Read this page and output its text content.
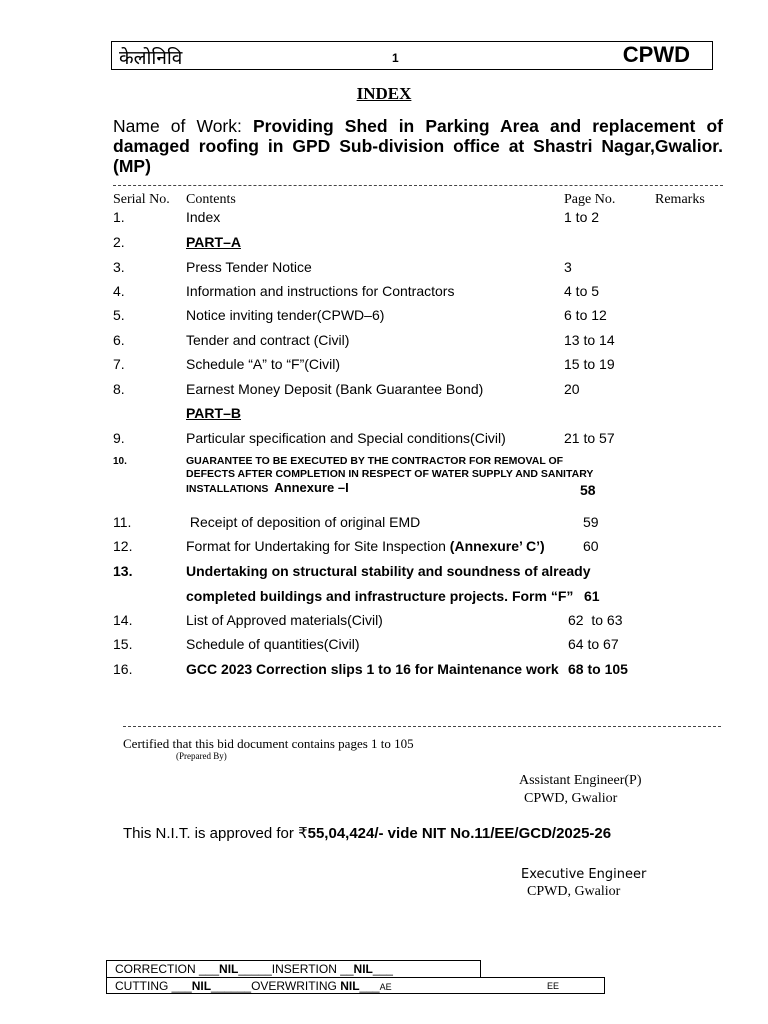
केलोनिवि	1	CPWD
INDEX
Name of Work: Providing Shed in Parking Area and replacement of damaged roofing in GPD Sub-division office at Shastri Nagar,Gwalior. (MP)
Serial No. Contents	Page No.	Remarks
1.	Index	1 to 2
2.	PART–A
3.	Press Tender Notice	3
4.	Information and instructions for Contractors	4 to 5
5.	Notice inviting tender(CPWD–6)	6 to 12
6.	Tender and contract (Civil)	13 to 14
7.	Schedule “A” to “F”(Civil)	15 to 19
8.	Earnest Money Deposit (Bank Guarantee Bond)	20
PART–B
9.	Particular specification and Special conditions(Civil)	21 to 57
10.	GUARANTEE TO BE EXECUTED BY THE CONTRACTOR FOR REMOVAL OF DEFECTS AFTER COMPLETION IN RESPECT OF WATER SUPPLY AND SANITARY INSTALLATIONS Annexure –I	58
11.	Receipt of deposition of original EMD	59
12.	Format for Undertaking for Site Inspection (Annexure’ C’)	60
13.	Undertaking on structural stability and soundness of already
completed buildings and infrastructure projects. Form “F” 61
14.	List of Approved materials(Civil)	62  to 63
15.	Schedule of quantities(Civil)	64 to 67
16.	GCC 2023 Correction slips 1 to 16 for Maintenance work 68 to 105
Certified that this bid document contains pages 1 to 105
(Prepared By)
Assistant Engineer(P)
CPWD, Gwalior
This N.I.T. is approved for ₹55,04,424/- vide NIT No.11/EE/GCD/2025-26
Executive Engineer
CPWD, Gwalior
CORRECTION ___NIL_____INSERTION __NIL___
CUTTING ___NIL______OVERWRITING NIL___AE	EE
